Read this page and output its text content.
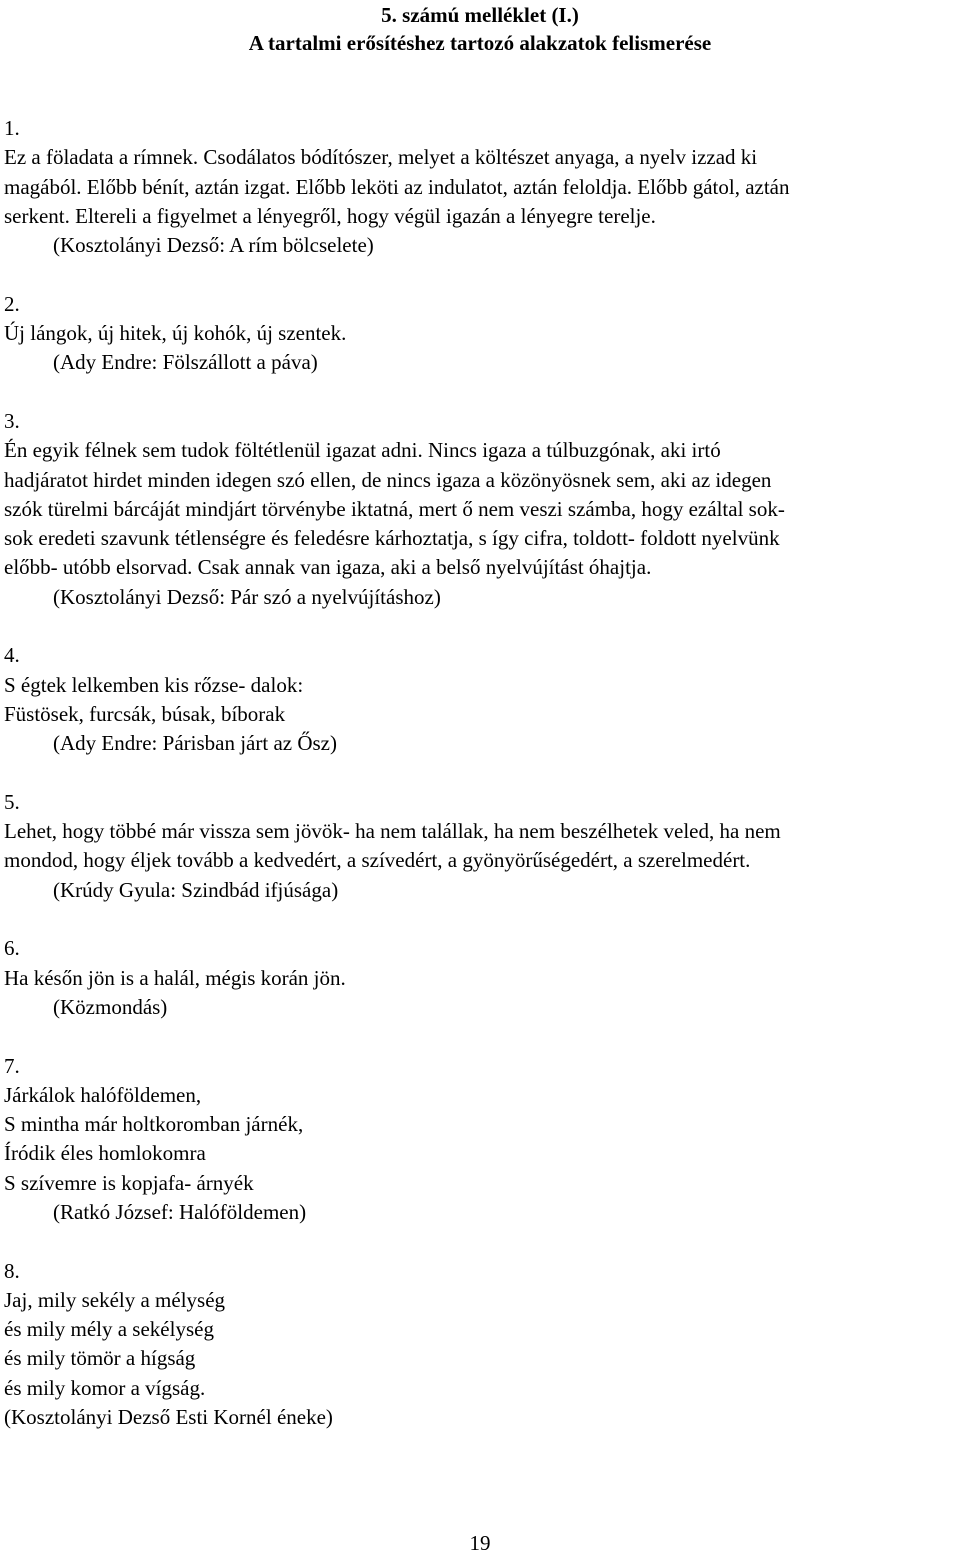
5. számú melléklet (I.)
A tartalmi erősítéshez tartozó alakzatok felismerése
1.
Ez a föladata a rímnek. Csodálatos bódítószer, melyet a költészet anyaga, a nyelv izzad ki
magából. Előbb bénít, aztán izgat. Előbb leköti az indulatot, aztán feloldja. Előbb gátol, aztán
serkent. Eltereli a figyelmet a lényegről, hogy végül igazán a lényegre terelje.
(Kosztolányi Dezső: A rím bölcselete)
2.
Új lángok, új hitek, új kohók, új szentek.
(Ady Endre: Fölszállott a páva)
3.
Én egyik félnek sem tudok föltétlenül igazat adni. Nincs igaza a túlbuzgónak, aki irtó
hadjáratot hirdet minden idegen szó ellen, de nincs igaza a közönyösnek sem, aki az idegen
szók türelmi bárcáját mindjárt törvénybe iktatná, mert ő nem veszi számba, hogy ezáltal sok-
sok eredeti szavunk tétlenségre és feledésre kárhoztatja, s így cifra, toldott- foldott nyelvünk
előbb- utóbb elsorvad. Csak annak van igaza, aki a belső nyelvújítást óhajtja.
(Kosztolányi Dezső: Pár szó a nyelvújításhoz)
4.
S égtek lelkemben kis rőzse- dalok:
Füstösek, furcsák, búsak, bíborak
(Ady Endre: Párisban járt az Ősz)
5.
Lehet, hogy többé már vissza sem jövök- ha nem talállak, ha nem beszélhetek veled, ha nem
mondod, hogy éljek tovább a kedvedért, a szívedért, a gyönyörűségedért, a szerelmedért.
(Krúdy Gyula: Szindbád ifjúsága)
6.
Ha későn jön is a halál, mégis korán jön.
(Közmondás)
7.
Járkálok halóföldemen,
S mintha már holtkoromban járnék,
Íródik éles homlokomra
S szívemre is kopjafa- árnyék
(Ratkó József: Halóföldemen)
8.
Jaj, mily sekély a mélység
és mily mély a sekélység
és mily tömör a hígság
és mily komor a vígság.
(Kosztolányi Dezső Esti Kornél éneke)
19
